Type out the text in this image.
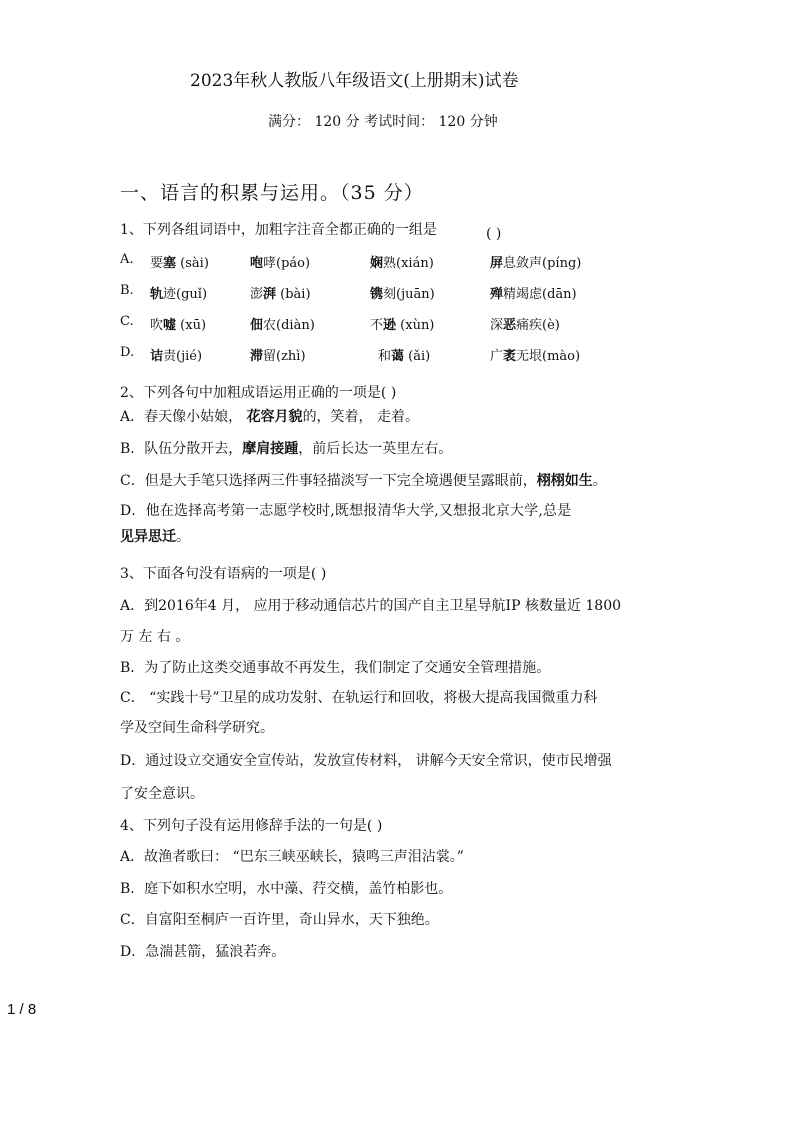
2023年秋人教版八年级语文(上册期末)试卷
满分： 120 分 考试时间： 120 分钟
一、语言的积累与运用。（35 分）
1、下列各组词语中，加粗字注音全都正确的一组是	( )
A. 要塞 (sài)	咆哮(páo)	娴熟(xián)	屏息敛声(píng)
B. 轨迹(guǐ)	澎湃 (bài)	镌刻(juān)	殚精竭虑(dān)
C. 吹嘘 (xū)	佃农(diàn)	不逊 (xùn)	深恶痛疾(è)
D. 诘责(jié)	滞留(zhì)	和蔼 (ǎi)	广袤无垠(mào)
2、下列各句中加粗成语运用正确的一项是( )
A．春天像小姑娘， 花容月貌的，笑着， 走着。
B．队伍分散开去，摩肩接踵，前后长达一英里左右。
C．但是大手笔只选择两三件事轻描淡写一下完全境遇便呈露眼前，栩栩如生。
D．他在选择高考第一志愿学校时,既想报清华大学,又想报北京大学,总是
见异思迁。
3、下面各句没有语病的一项是( )
A．到2016年4 月， 应用于移动通信芯片的国产自主卫星导航IP 核数量近 1800
万 左 右 。
B．为了防止这类交通事故不再发生，我们制定了交通安全管理措施。
C． “实践十号”卫星的成功发射、在轨运行和回收，将极大提高我国微重力科
学及空间生命科学研究。
D．通过设立交通安全宣传站，发放宣传材料， 讲解今天安全常识，使市民增强
了安全意识。
4、下列句子没有运用修辞手法的一句是( )
A．故渔者歌曰： “巴东三峡巫峡长，猿鸣三声泪沾裳。”
B．庭下如积水空明，水中藻、荇交横，盖竹柏影也。
C．自富阳至桐庐一百许里，奇山异水，天下独绝。
D．急湍甚箭，猛浪若奔。
1 / 8
